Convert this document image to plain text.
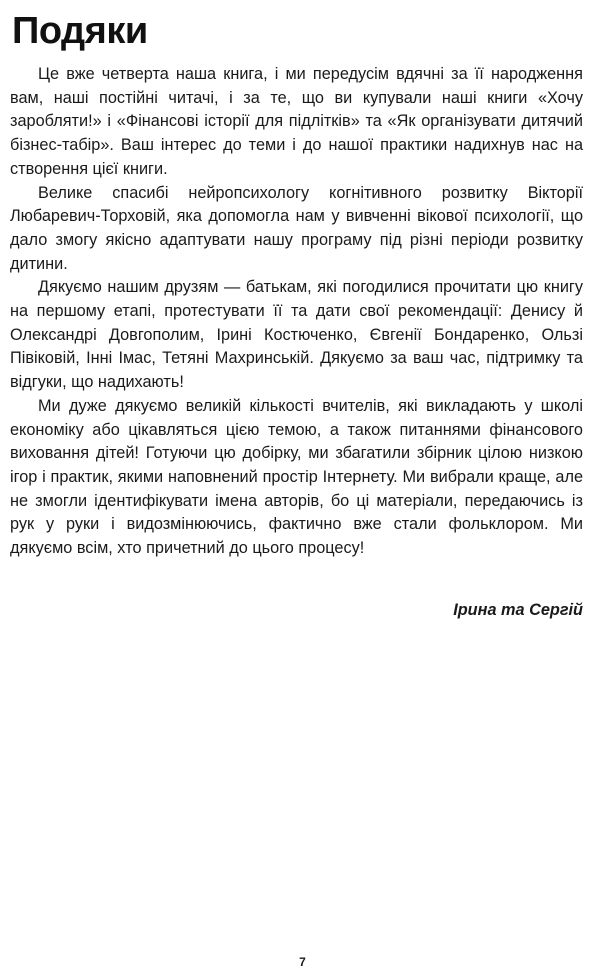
Подяки

Це вже четверта наша книга, і ми передусім вдячні за її народження вам, наші постійні читачі, і за те, що ви купували наші книги «Хочу заробляти!» і «Фінансові історії для підлітків» та «Як організувати дитячий бізнес-табір». Ваш інтерес до теми і до нашої практики надихнув нас на створення цієї книги.

Велике спасибі нейропсихологу когнітивного розвитку Вікторії Любаревич-Торховій, яка допомогла нам у вивченні вікової психології, що дало змогу якісно адаптувати нашу програму під різні періоди розвитку дитини.

Дякуємо нашим друзям — батькам, які погодилися прочитати цю книгу на першому етапі, протестувати її та дати свої рекомендації: Денису й Олександрі Довгополим, Ірині Костюченко, Євгенії Бондаренко, Ользі Півіковій, Інні Імас, Тетяні Махринській. Дякуємо за ваш час, підтримку та відгуки, що надихають!

Ми дуже дякуємо великій кількості вчителів, які викладають у школі економіку або цікавляться цією темою, а також питаннями фінансового виховання дітей! Готуючи цю добірку, ми збагатили збірник цілою низкою ігор і практик, якими наповнений простір Інтернету. Ми вибрали краще, але не змогли ідентифікувати імена авторів, бо ці матеріали, передаючись із рук у руки і видозмінюючись, фактично вже стали фольклором. Ми дякуємо всім, хто причетний до цього процесу!

Ірина та Сергій

7
